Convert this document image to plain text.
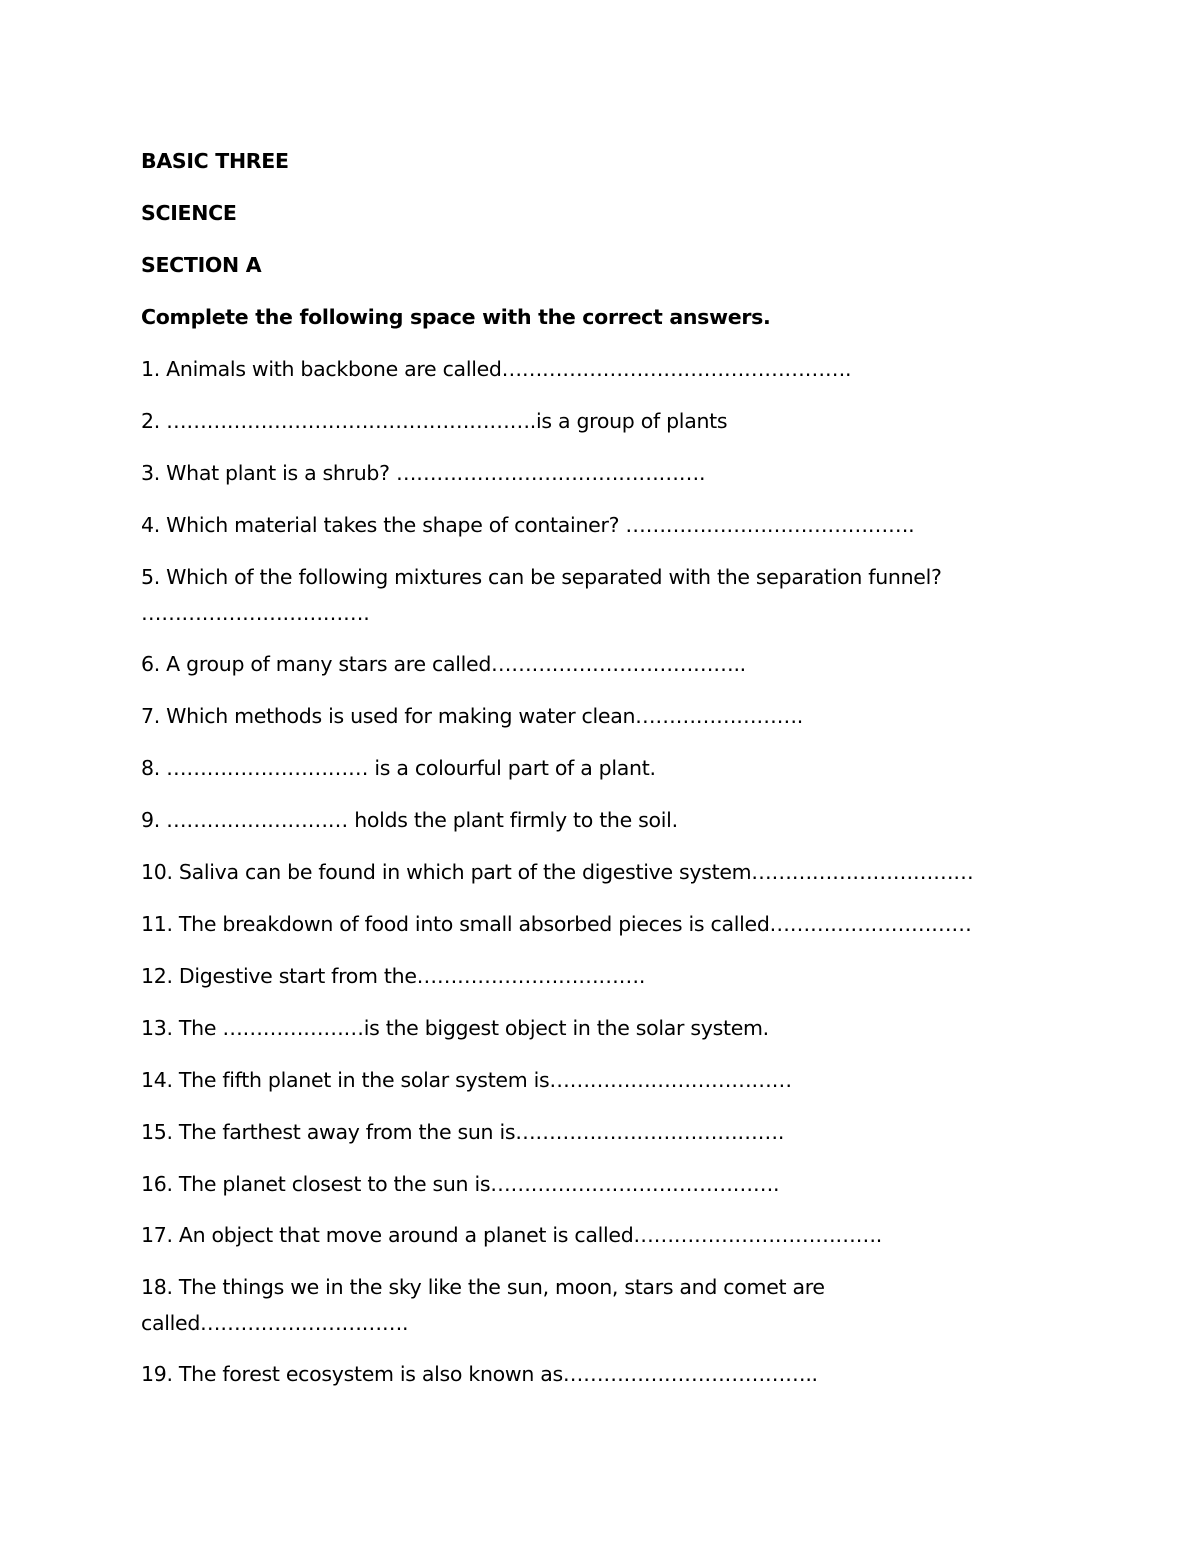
BASIC THREE
SCIENCE
SECTION A
Complete the following space with the correct answers.
1. Animals with backbone are called…………………………………………….
2. ……………………………………………….is a group of plants
3. What plant is a shrub? ……………………………………….
4. Which material takes the shape of container? …………………………………….
5. Which of the following mixtures can be separated with the separation funnel?
…………………………….
6. A group of many stars are called………………………………..
7. Which methods is used for making water clean…………………….
8. ………………………… is a colourful part of a plant.
9. ……………………… holds the plant firmly to the soil.
10. Saliva can be found in which part of the digestive system……………………………
11. The breakdown of food into small absorbed pieces is called…………………………
12. Digestive start from the…………………………….
13. The …………………is the biggest object in the solar system.
14. The fifth planet in the solar system is………………………………
15. The farthest away from the sun is………………………………….
16. The planet closest to the sun is…………………………………….
17. An object that move around a planet is called……………………………….
18. The things we in the sky like the sun, moon, stars and comet are
called………………………….
19. The forest ecosystem is also known as………………………………..
